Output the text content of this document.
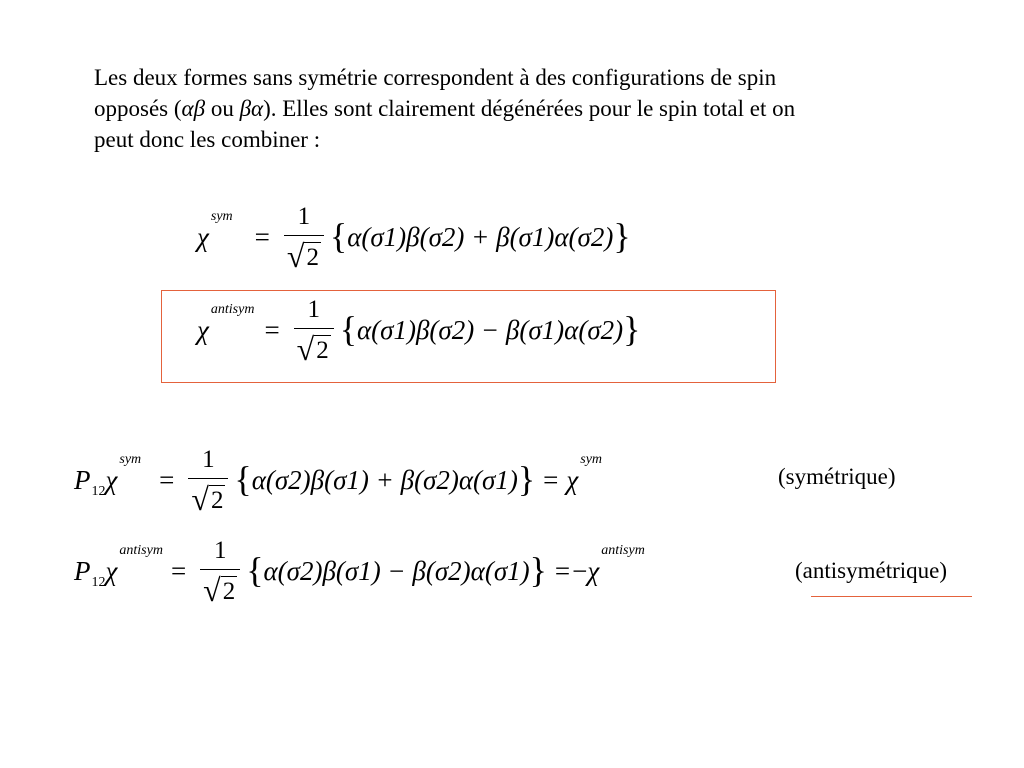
Les deux formes sans symétrie correspondent à des configurations de spin
opposés (αβ ou βα). Elles sont clairement dégénérées pour le spin total et on
peut donc les combiner :
χ
sym
= $\frac{1}{√ 2}$ { α(σ1)β(σ2) + β(σ1)α(σ2) }
χ
antisym
= $\frac{1}{√ 2}$ { α(σ1)β(σ2) − β(σ1)α(σ2) }
P 12 χ
sym
= $\frac{1}{√ 2}$ { α(σ2)β(σ1) + β(σ2)α(σ1) } = χ
sym
(symétrique)
P 12 χ
antisym
= $\frac{1}{√ 2}$ { α(σ2)β(σ1) − β(σ2)α(σ1) } = − χ
antisym
(antisymétrique)
